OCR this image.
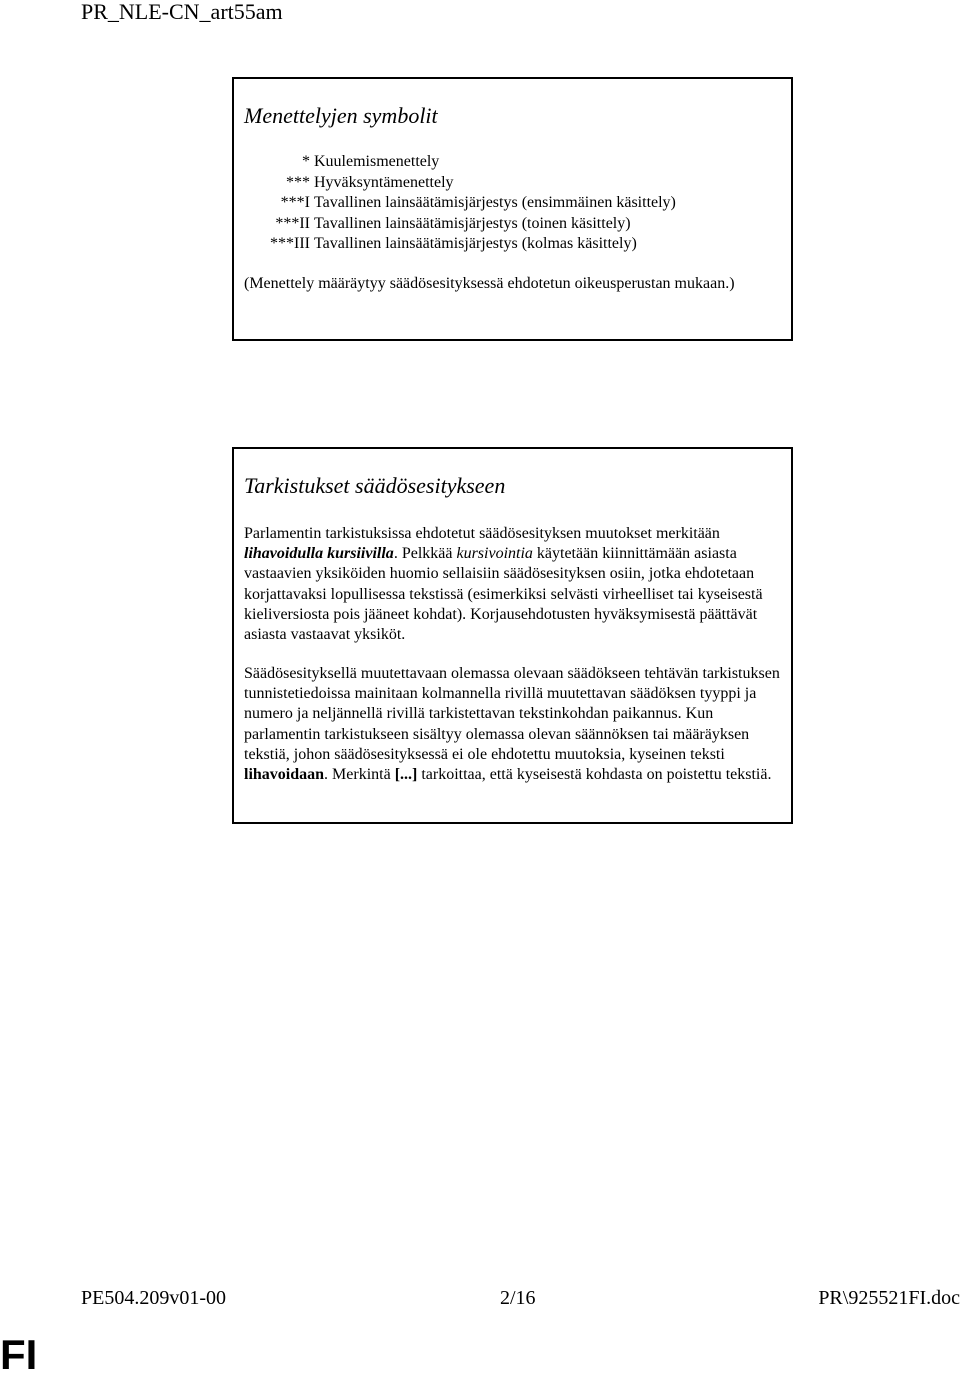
PR_NLE-CN_art55am
Menettelyjen symbolit
* Kuulemismenettely
*** Hyväksyntämenettely
***I Tavallinen lainsäätämisjärjestys (ensimmäinen käsittely)
***II Tavallinen lainsäätämisjärjestys (toinen käsittely)
***III Tavallinen lainsäätämisjärjestys (kolmas käsittely)
(Menettely määräytyy säädösesityksessä ehdotetun oikeusperustan mukaan.)
Tarkistukset säädösesitykseen

Parlamentin tarkistuksissa ehdotetut säädösesityksen muutokset merkitään lihavoidulla kursiivilla. Pelkkää kursivointia käytetään kiinnittämään asiasta vastaavien yksiköiden huomio sellaisiin säädösesityksen osiin, jotka ehdotetaan korjattavaksi lopullisessa tekstissä (esimerkiksi selvästi virheelliset tai kyseisestä kieliversiosta pois jääneet kohdat). Korjausehdotusten hyväksymisestä päättävät asiasta vastaavat yksiköt.

Säädösesityksellä muutettavaan olemassa olevaan säädökseen tehtävän tarkistuksen tunnistetiedoissa mainitaan kolmannella rivillä muutettavan säädöksen tyyppi ja numero ja neljännellä rivillä tarkistettavan tekstinkohdan paikannus. Kun parlamentin tarkistukseen sisältyy olemassa olevan säännöksen tai määräyksen tekstiä, johon säädösesityksessä ei ole ehdotettu muutoksia, kyseinen teksti lihavoidaan. Merkintä [...] tarkoittaa, että kyseisestä kohdasta on poistettu tekstiä.

PE504.209v01-00	2/16	PR\925521FI.doc
FI
